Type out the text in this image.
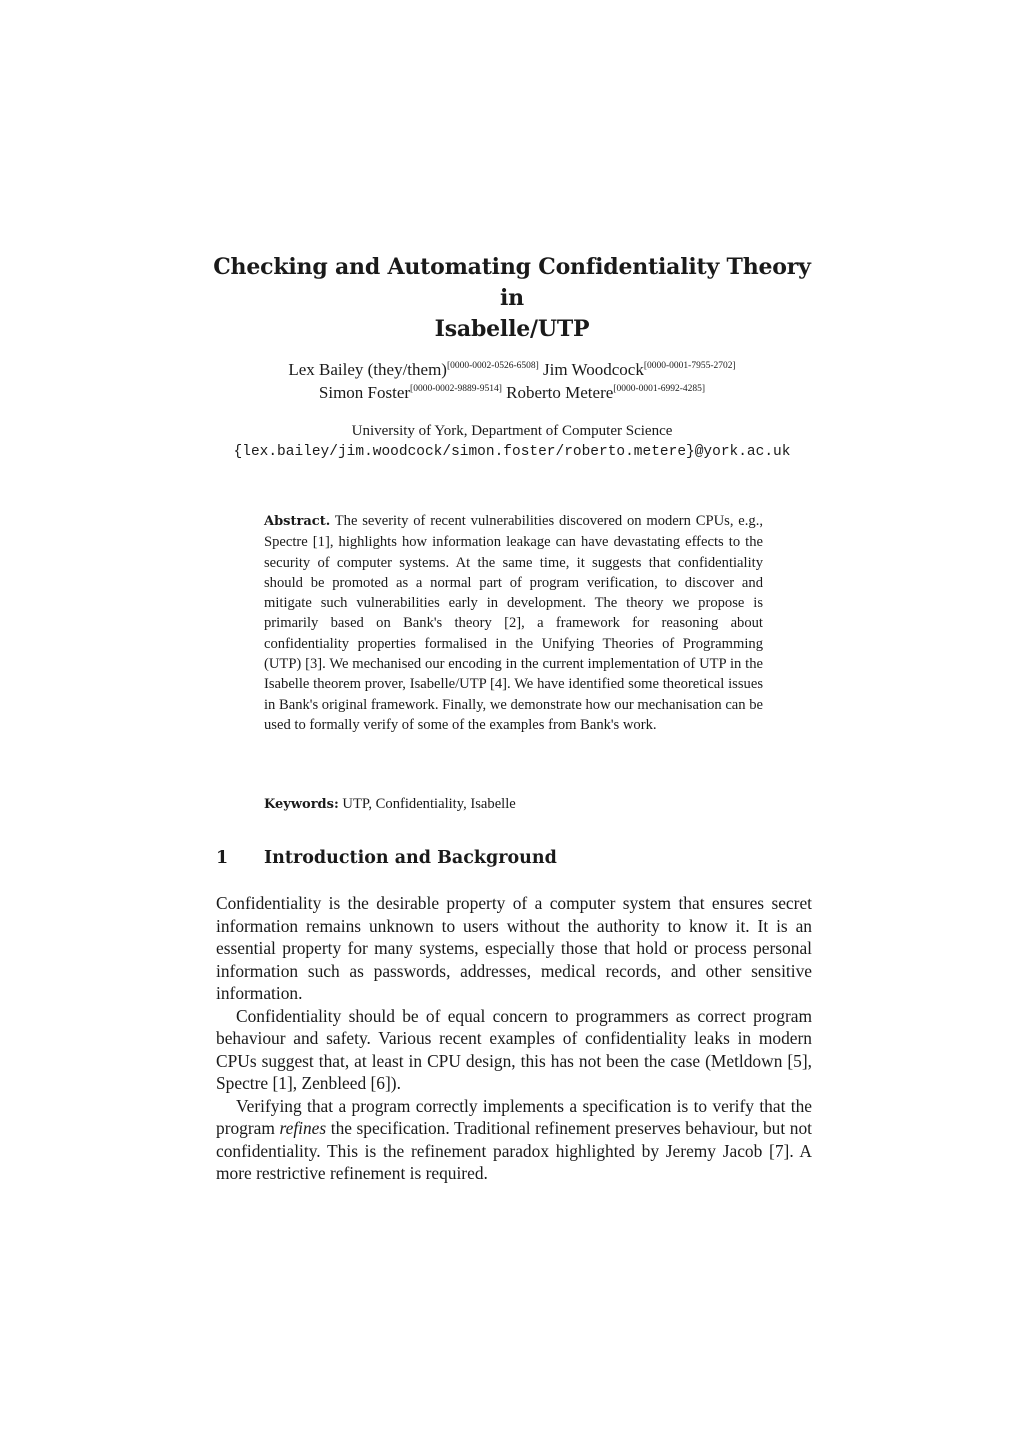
Checking and Automating Confidentiality Theory in
Isabelle/UTP
Lex Bailey (they/them)[0000-0002-0526-6508] Jim Woodcock[0000-0001-7955-2702]
Simon Foster[0000-0002-9889-9514] Roberto Metere[0000-0001-6992-4285]
University of York, Department of Computer Science
{lex.bailey/jim.woodcock/simon.foster/roberto.metere}@york.ac.uk
Abstract. The severity of recent vulnerabilities discovered on modern CPUs, e.g., Spectre [1], highlights how information leakage can have devastating effects to the security of computer systems. At the same time, it suggests that confidentiality should be promoted as a normal part of program verification, to discover and mitigate such vulnerabilities early in development. The theory we propose is primarily based on Bank's theory [2], a framework for reasoning about confidentiality properties formalised in the Unifying Theories of Programming (UTP) [3]. We mechanised our encoding in the current implementation of UTP in the Isabelle theorem prover, Isabelle/UTP [4]. We have identified some theoretical issues in Bank's original framework. Finally, we demonstrate how our mechanisation can be used to formally verify of some of the examples from Bank's work.
Keywords: UTP, Confidentiality, Isabelle
1 Introduction and Background

Confidentiality is the desirable property of a computer system that ensures secret information remains unknown to users without the authority to know it. It is an essential property for many systems, especially those that hold or process personal information such as passwords, addresses, medical records, and other sensitive information.

Confidentiality should be of equal concern to programmers as correct program behaviour and safety. Various recent examples of confidentiality leaks in modern CPUs suggest that, at least in CPU design, this has not been the case (Metldown [5], Spectre [1], Zenbleed [6]).

Verifying that a program correctly implements a specification is to verify that the program refines the specification. Traditional refinement preserves behaviour, but not confidentiality. This is the refinement paradox highlighted by Jeremy Jacob [7]. A more restrictive refinement is required.
